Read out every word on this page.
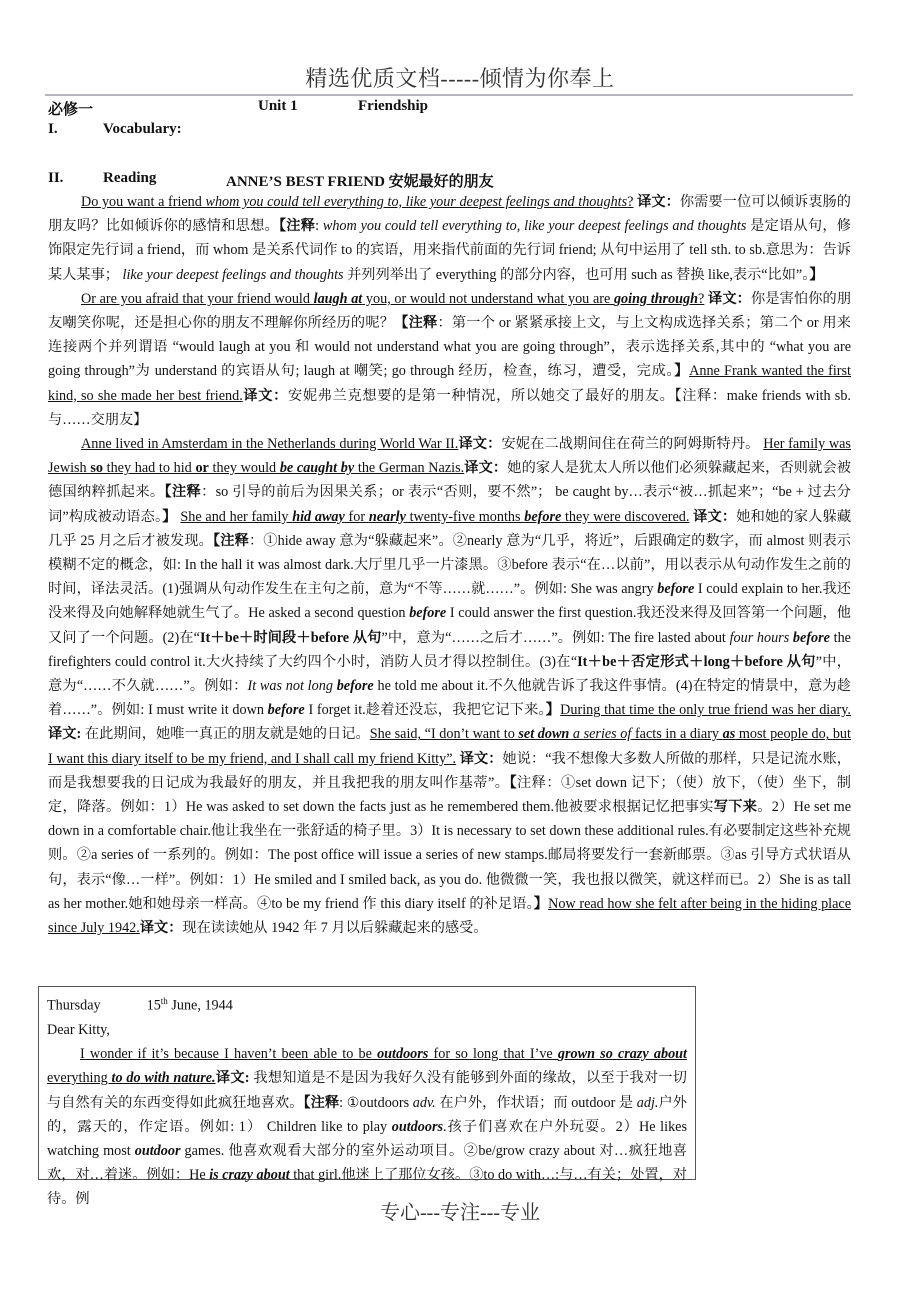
精选优质文档-----倾情为你奉上
必修一	Unit 1	Friendship
I.	Vocabulary:
II.	Reading	ANNE’S BEST FRIEND 安妮最好的朋友

Do you want a friend whom you could tell everything to, like your deepest feelings and thoughts? 译文：你需要一位可以倾诉衷肠的朋友吗？比如倾诉你的感情和思想。【注释: whom you could tell everything to, like your deepest feelings and thoughts 是定语从句，修饰限定先行词 a friend，而 whom 是关系代词作 to 的宾语，用来指代前面的先行词 friend; 从句中运用了 tell sth. to sb.意思为：告诉某人某事； like your deepest feelings and thoughts 并列列举出了 everything 的部分内容，也可用 such as 替换 like,表示“比如”。】

Or are you afraid that your friend would laugh at you, or would not understand what you are going through? 译文：你是害怕你的朋友嘲笑你呢，还是担心你的朋友不理解你所经历的呢？【注释：第一个 or 紧紧承接上文，与上文构成选择关系；第二个 or 用来连接两个并列谓语 “would laugh at you 和 would not understand what you are going through”，表示选择关系,其中的 “what you are going through”为 understand 的宾语从句; laugh at 嘲笑; go through 经历，检查，练习，遭受，完成。】Anne Frank wanted the first kind, so she made her best friend.译文：安妮弗兰克想要的是第一种情况，所以她交了最好的朋友。【注释：make friends with sb. 与……交朋友】

Anne lived in Amsterdam in the Netherlands during World War II.译文：安妮在二战期间住在荷兰的阿姆斯特丹。 Her family was Jewish so they had to hid or they would be caught by the German Nazis.译文：她的家人是犹太人所以他们必须躲藏起来，否则就会被德国纳粹抓起来。【注释：so 引导的前后为因果关系；or 表示“否则，要不然”； be caught by…表示“被…抓起来”；“be + 过去分词”构成被动语态。】 She and her family hid away for nearly twenty-five months before they were discovered. 译文：她和她的家人躲藏几乎 25 月之后才被发现。【注释：①hide away 意为“躲藏起来”。②nearly 意为“几乎，将近”，后跟确定的数字，而 almost 则表示模糊不定的概念，如: In the hall it was almost dark.大厅里几乎一片漆黑。③before 表示“在…以前”，用以表示从句动作发生之前的时间，译法灵活。(1)强调从句动作发生在主句之前，意为“不等……就……”。例如: She was angry before I could explain to her.我还没来得及向她解释她就生气了。He asked a second question before I could answer the first question.我还没来得及回答第一个问题，他又问了一个问题。(2)在“It＋be＋时间段＋before 从句”中，意为“……之后才……”。例如: The fire lasted about four hours before the firefighters could control it.大火持续了大约四个小时，消防人员才得以控制住。(3)在“It＋be＋否定形式＋long＋before 从句”中，意为“……不久就……”。例如：It was not long before he told me about it.不久他就告诉了我这件事情。(4)在特定的情景中，意为趁着……”。例如: I must write it down before I forget it.趁着还没忘，我把它记下来。】During that time the only true friend was her diary. 译文: 在此期间，她唯一真正的朋友就是她的日记。She said, “I don’t want to set down a series of facts in a diary as most people do, but I want this diary itself to be my friend, and I shall call my friend Kitty”. 译文：她说：“我不想像大多数人所做的那样，只是记流水账，而是我想要我的日记成为我最好的朋友，并且我把我的朋友叫作基蒂”。【注释：①set down 记下；（使）放下，（使）坐下，制定，降落。例如：1）He was asked to set down the facts just as he remembered them.他被要求根据记忆把事实写下来。2）He set me down in a comfortable chair.他让我坐在一张舒适的椅子里。3）It is necessary to set down these additional rules.有必要制定这些补充规则。②a series of 一系列的。例如：The post office will issue a series of new stamps.邮局将要发行一套新邮票。③as 引导方式状语从句，表示“像…一样”。例如：1）He smiled and I smiled back, as you do. 他微微一笑，我也报以微笑，就这样而已。2）She is as tall as her mother.她和她母亲一样高。④to be my friend 作 this diary itself 的补足语。】Now read how she felt after being in the hiding place since July 1942.译文：现在读读她从 1942 年 7 月以后躲藏起来的感受。

Thursday	15th June, 1944

Dear Kitty,

I wonder if it’s because I haven’t been able to be outdoors for so long that I’ve grown so crazy about everything to do with nature.译文: 我想知道是不是因为我好久没有能够到外面的缘故，以至于我对一切与自然有关的东西变得如此疯狂地喜欢。【注释: ①outdoors adv. 在户外，作状语；而 outdoor 是 adj.户外的，露天的，作定语。例如: 1） Children like to play outdoors.孩子们喜欢在户外玩耍。2）He likes watching most outdoor games. 他喜欢观看大部分的室外运动项目。②be/grow crazy about 对…疯狂地喜欢，对…着迷。例如：He is crazy about that girl.他迷上了那位女孩。③to do with…:与…有关；处置，对待。例

专心---专注---专业
